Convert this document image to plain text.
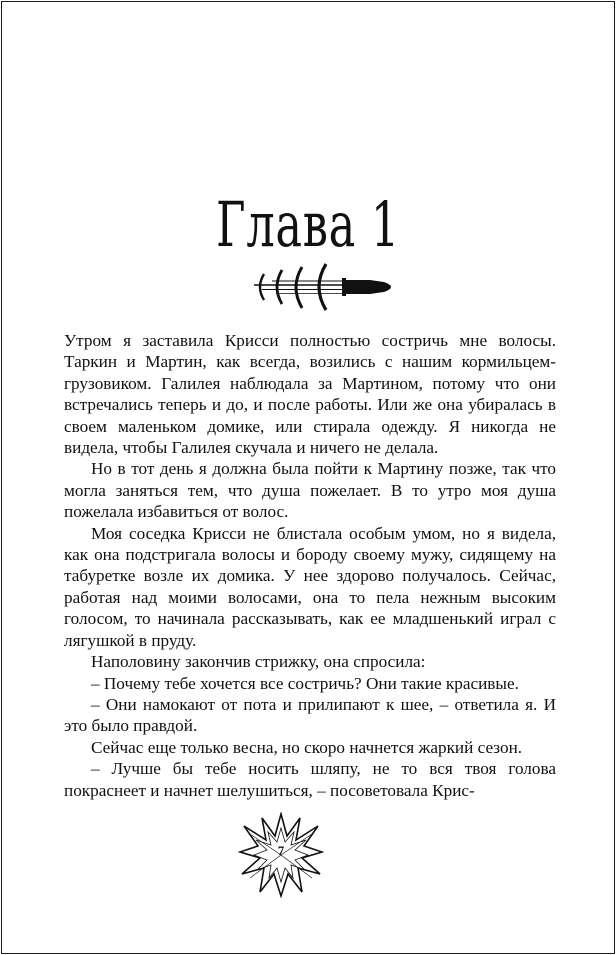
Глава 1

Утром я заставила Крисси полностью состричь мне волосы. Таркин и Мартин, как всегда, возились с нашим кормильцем-грузовиком. Галилея наблюдала за Мартином, потому что они встречались теперь и до, и после работы. Или же она убиралась в своем маленьком домике, или стирала одежду. Я никогда не видела, чтобы Галилея скучала и ничего не делала.

Но в тот день я должна была пойти к Мартину позже, так что могла заняться тем, что душа пожелает. В то утро моя душа пожелала избавиться от волос.

Моя соседка Крисси не блистала особым умом, но я видела, как она подстригала волосы и бороду своему мужу, сидящему на табуретке возле их домика. У нее здорово получалось. Сейчас, работая над моими волосами, она то пела нежным высоким голосом, то начинала рассказывать, как ее младшенький играл с лягушкой в пруду.

Наполовину закончив стрижку, она спросила:

– Почему тебе хочется все состричь? Они такие красивые.

– Они намокают от пота и прилипают к шее, – ответила я. И это было правдой.

Сейчас еще только весна, но скоро начнется жаркий сезон.

– Лучше бы тебе носить шляпу, не то вся твоя голова покраснеет и начнет шелушиться, – посоветовала Крис-

7
